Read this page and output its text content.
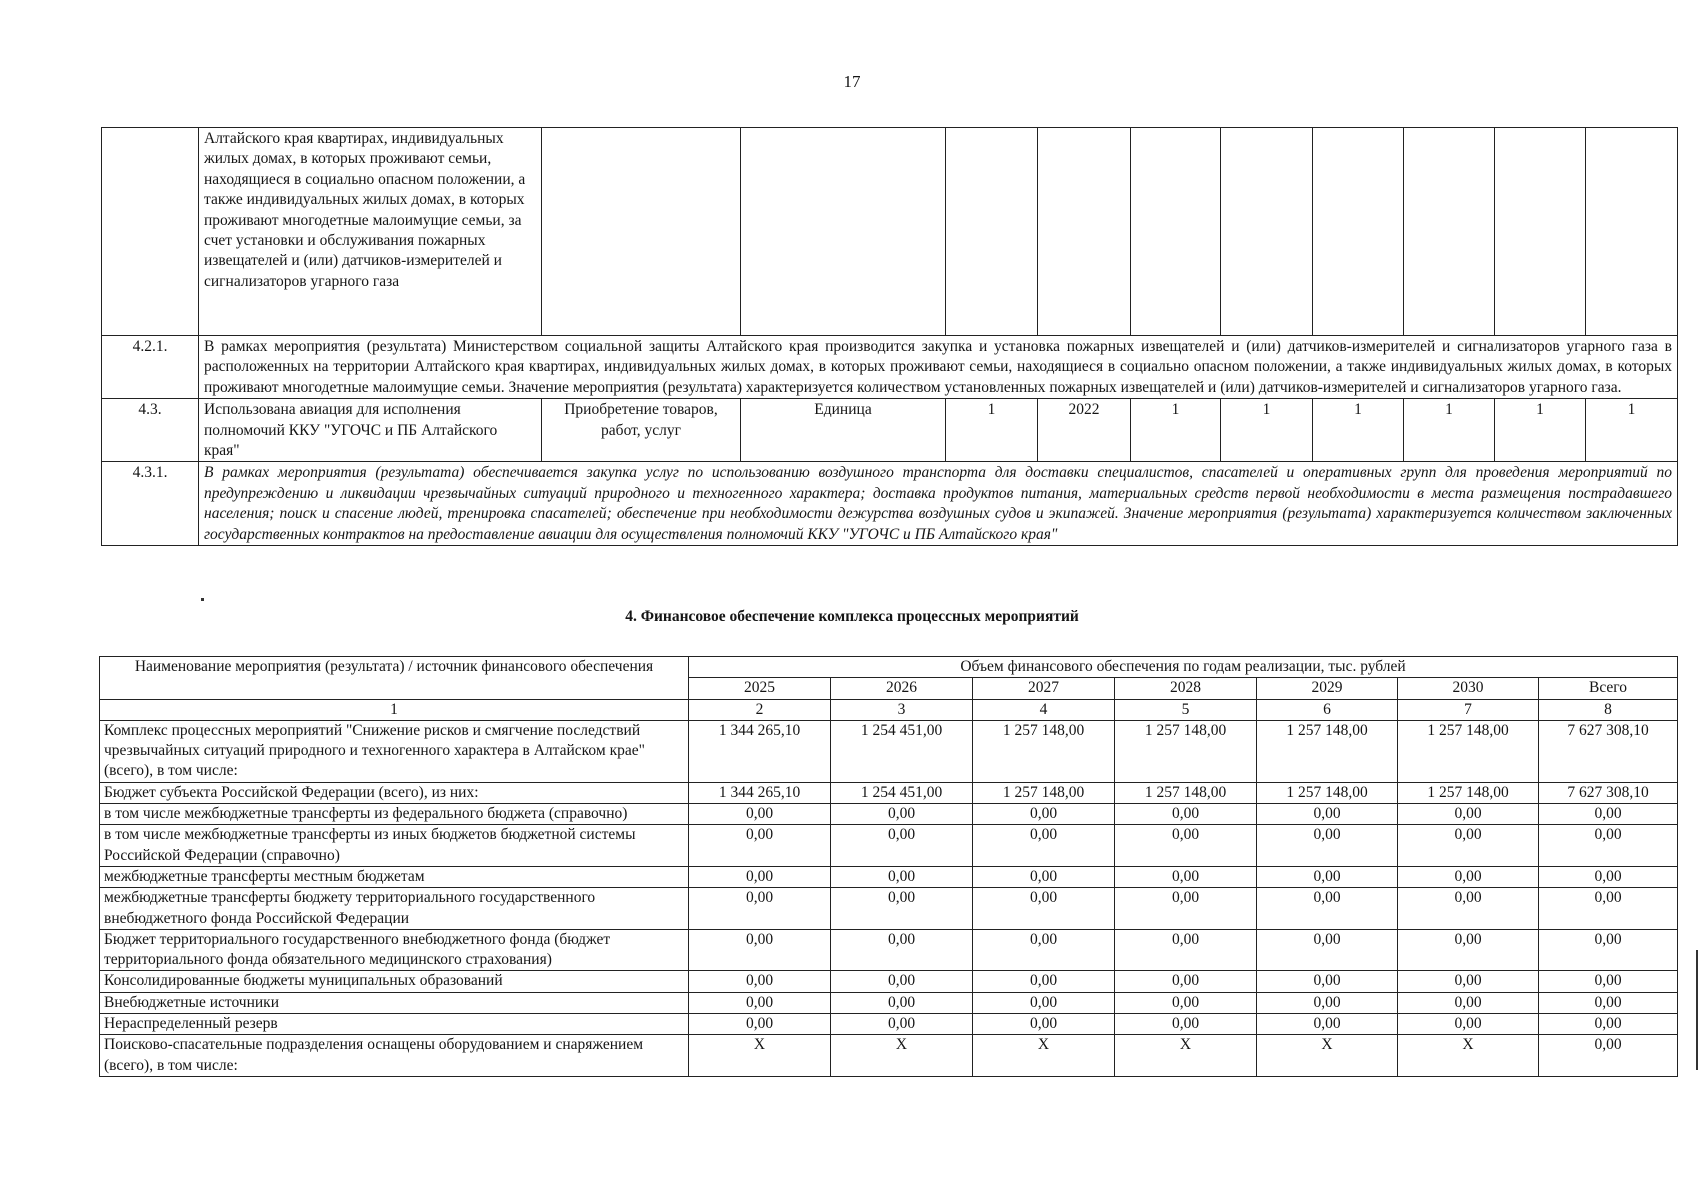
17
	Алтайского края квартирах, индивидуальных жилых домах, в которых проживают семьи, находящиеся в социально опасном положении, а также индивидуальных жилых домах, в которых проживают многодетные малоимущие семьи, за счет установки и обслуживания пожарных извещателей и (или) датчиков-измерителей и сигнализаторов угарного газа										
4.2.1.	В рамках мероприятия (результата) Министерством социальной защиты Алтайского края производится закупка и установка пожарных извещателей и (или) датчиков-измерителей и сигнализаторов угарного газа в расположенных на территории Алтайского края квартирах, индивидуальных жилых домах, в которых проживают семьи, находящиеся в социально опасном положении, а также индивидуальных жилых домах, в которых проживают многодетные малоимущие семьи. Значение мероприятия (результата) характеризуется количеством установленных пожарных извещателей и (или) датчиков-измерителей и сигнализаторов угарного газа.										
4.3.	Использована авиация для исполнения полномочий ККУ "УГОЧС и ПБ Алтайского края"	Приобретение товаров, работ, услуг	Единица	1	2022	1	1	1	1	1	1
4.3.1.	В рамках мероприятия (результата) обеспечивается закупка услуг по использованию воздушного транспорта для доставки специалистов, спасателей и оперативных групп для проведения мероприятий по предупреждению и ликвидации чрезвычайных ситуаций природного и техногенного характера; доставка продуктов питания, материальных средств первой необходимости в места размещения пострадавшего населения; поиск и спасение людей, тренировка спасателей; обеспечение при необходимости дежурства воздушных судов и экипажей. Значение мероприятия (результата) характеризуется количеством заключенных государственных контрактов на предоставление авиации для осуществления полномочий ККУ "УГОЧС и ПБ Алтайского края"										
4. Финансовое обеспечение комплекса процессных мероприятий
Наименование мероприятия (результата) / источник финансового обеспечения	Объем финансового обеспечения по годам реализации, тыс. рублей						
	2025	2026	2027	2028	2029	2030	Всего
1	2	3	4	5	6	7	8
Комплекс процессных мероприятий "Снижение рисков и смягчение последствий чрезвычайных ситуаций природного и техногенного характера в Алтайском крае" (всего), в том числе:	1 344 265,10	1 254 451,00	1 257 148,00	1 257 148,00	1 257 148,00	1 257 148,00	7 627 308,10
Бюджет субъекта Российской Федерации (всего), из них:	1 344 265,10	1 254 451,00	1 257 148,00	1 257 148,00	1 257 148,00	1 257 148,00	7 627 308,10
в том числе межбюджетные трансферты из федерального бюджета (справочно)	0,00	0,00	0,00	0,00	0,00	0,00	0,00
в том числе межбюджетные трансферты из иных бюджетов бюджетной системы Российской Федерации (справочно)	0,00	0,00	0,00	0,00	0,00	0,00	0,00
межбюджетные трансферты местным бюджетам	0,00	0,00	0,00	0,00	0,00	0,00	0,00
межбюджетные трансферты бюджету территориального государственного внебюджетного фонда Российской Федерации	0,00	0,00	0,00	0,00	0,00	0,00	0,00
Бюджет территориального государственного внебюджетного фонда (бюджет территориального фонда обязательного медицинского страхования)	0,00	0,00	0,00	0,00	0,00	0,00	0,00
Консолидированные бюджеты муниципальных образований	0,00	0,00	0,00	0,00	0,00	0,00	0,00
Внебюджетные источники	0,00	0,00	0,00	0,00	0,00	0,00	0,00
Нераспределенный резерв	0,00	0,00	0,00	0,00	0,00	0,00	0,00
Поисково-спасательные подразделения оснащены оборудованием и снаряжением (всего), в том числе:	X	X	X	X	X	X	0,00
